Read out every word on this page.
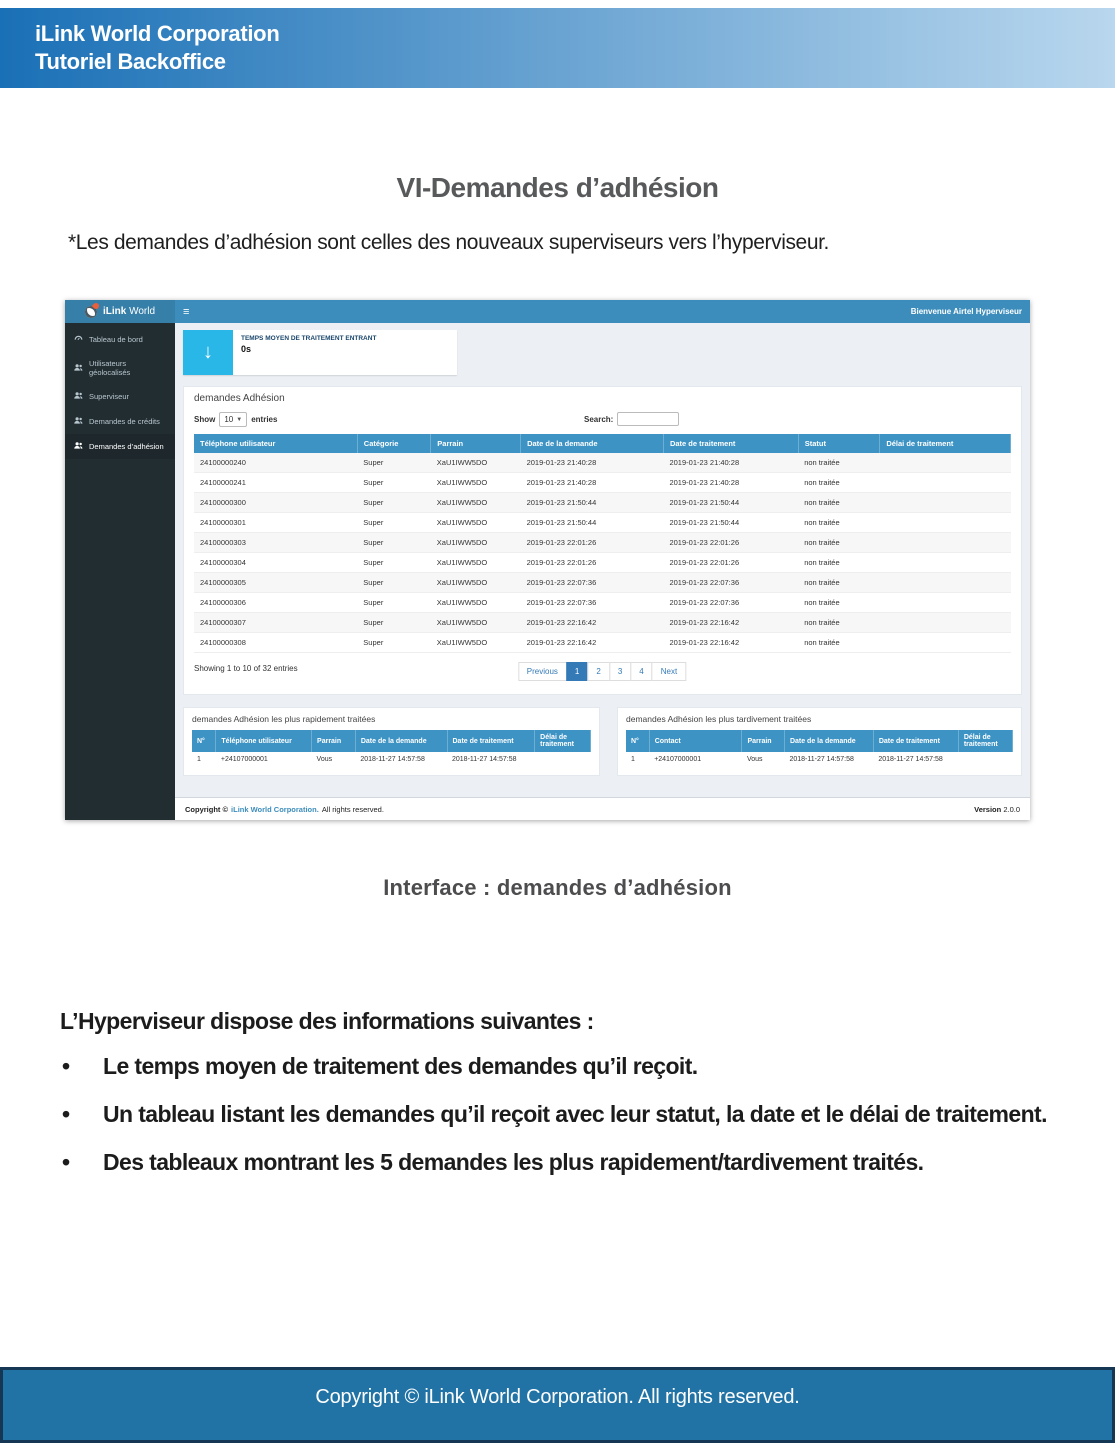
iLink World Corporation
Tutoriel Backoffice
VI-Demandes d’adhésion
*Les demandes d’adhésion sont celles des nouveaux superviseurs vers l’hyperviseur.
iLink World	≡	Bienvenue Airtel Hyperviseur
Tableau de bord
Utilisateurs géolocalisés
Superviseur
Demandes de crédits
Demandes d’adhésion
↓
TEMPS MOYEN DE TRAITEMENT ENTRANT
0s
demandes Adhésion
Show 10 ▼ entries	Search:
Téléphone utilisateur	Catégorie	Parrain	Date de la demande	Date de traitement	Statut	Délai de traitement
24100000240	Super	XaU1IWW5DO	2019-01-23 21:40:28	2019-01-23 21:40:28	non traitée	
24100000241	Super	XaU1IWW5DO	2019-01-23 21:40:28	2019-01-23 21:40:28	non traitée	
24100000300	Super	XaU1IWW5DO	2019-01-23 21:50:44	2019-01-23 21:50:44	non traitée	
24100000301	Super	XaU1IWW5DO	2019-01-23 21:50:44	2019-01-23 21:50:44	non traitée	
24100000303	Super	XaU1IWW5DO	2019-01-23 22:01:26	2019-01-23 22:01:26	non traitée	
24100000304	Super	XaU1IWW5DO	2019-01-23 22:01:26	2019-01-23 22:01:26	non traitée	
24100000305	Super	XaU1IWW5DO	2019-01-23 22:07:36	2019-01-23 22:07:36	non traitée	
24100000306	Super	XaU1IWW5DO	2019-01-23 22:07:36	2019-01-23 22:07:36	non traitée	
24100000307	Super	XaU1IWW5DO	2019-01-23 22:16:42	2019-01-23 22:16:42	non traitée	
24100000308	Super	XaU1IWW5DO	2019-01-23 22:16:42	2019-01-23 22:16:42	non traitée	
Showing 1 to 10 of 32 entries	Previous	1	2	3	4	Next
demandes Adhésion les plus rapidement traitées
N°	Téléphone utilisateur	Parrain	Date de la demande	Date de traitement	Délai de traitement
1	+24107000001	Vous	2018-11-27 14:57:58	2018-11-27 14:57:58	
demandes Adhésion les plus tardivement traitées
N°	Contact	Parrain	Date de la demande	Date de traitement	Délai de traitement
1	+24107000001	Vous	2018-11-27 14:57:58	2018-11-27 14:57:58	
Copyright © iLink World Corporation. All rights reserved.	Version 2.0.0
Interface : demandes d’adhésion
L’Hyperviseur dispose des informations suivantes :
• Le temps moyen de traitement des demandes qu’il reçoit.
• Un tableau listant les demandes qu’il reçoit avec leur statut, la date et le délai de traitement.
• Des tableaux montrant les 5 demandes les plus rapidement/tardivement traités.
Copyright © iLink World Corporation. All rights reserved.
